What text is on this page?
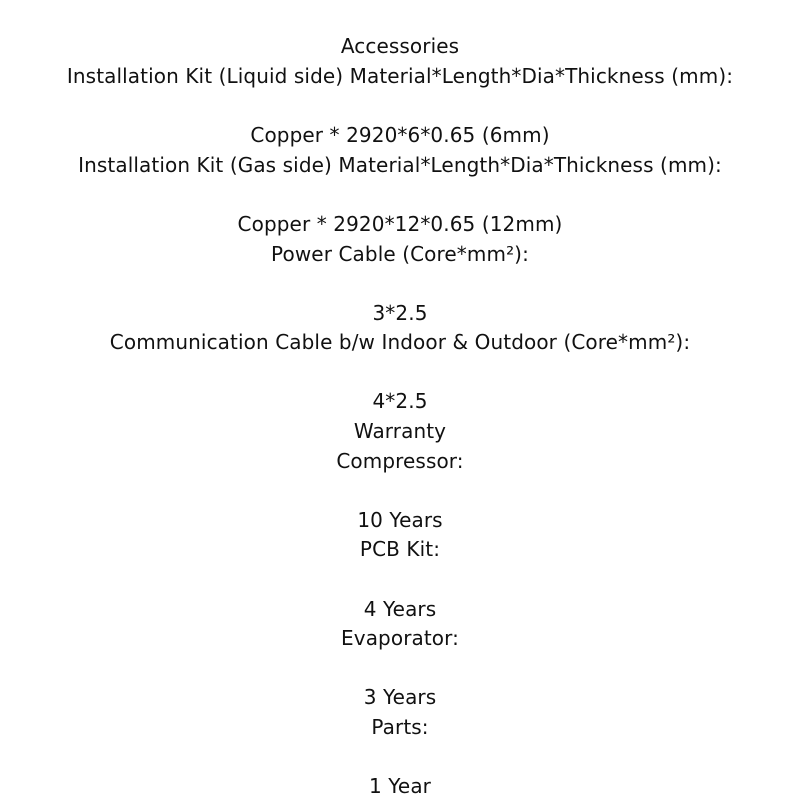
Accessories
Installation Kit (Liquid side) Material*Length*Dia*Thickness (mm):
Copper * 2920*6*0.65 (6mm)
Installation Kit (Gas side) Material*Length*Dia*Thickness (mm):
Copper * 2920*12*0.65 (12mm)
Power Cable (Core*mm²):
3*2.5
Communication Cable b/w Indoor & Outdoor (Core*mm²):
4*2.5
Warranty
Compressor:
10 Years
PCB Kit:
4 Years
Evaporator:
3 Years
Parts:
1 Year
